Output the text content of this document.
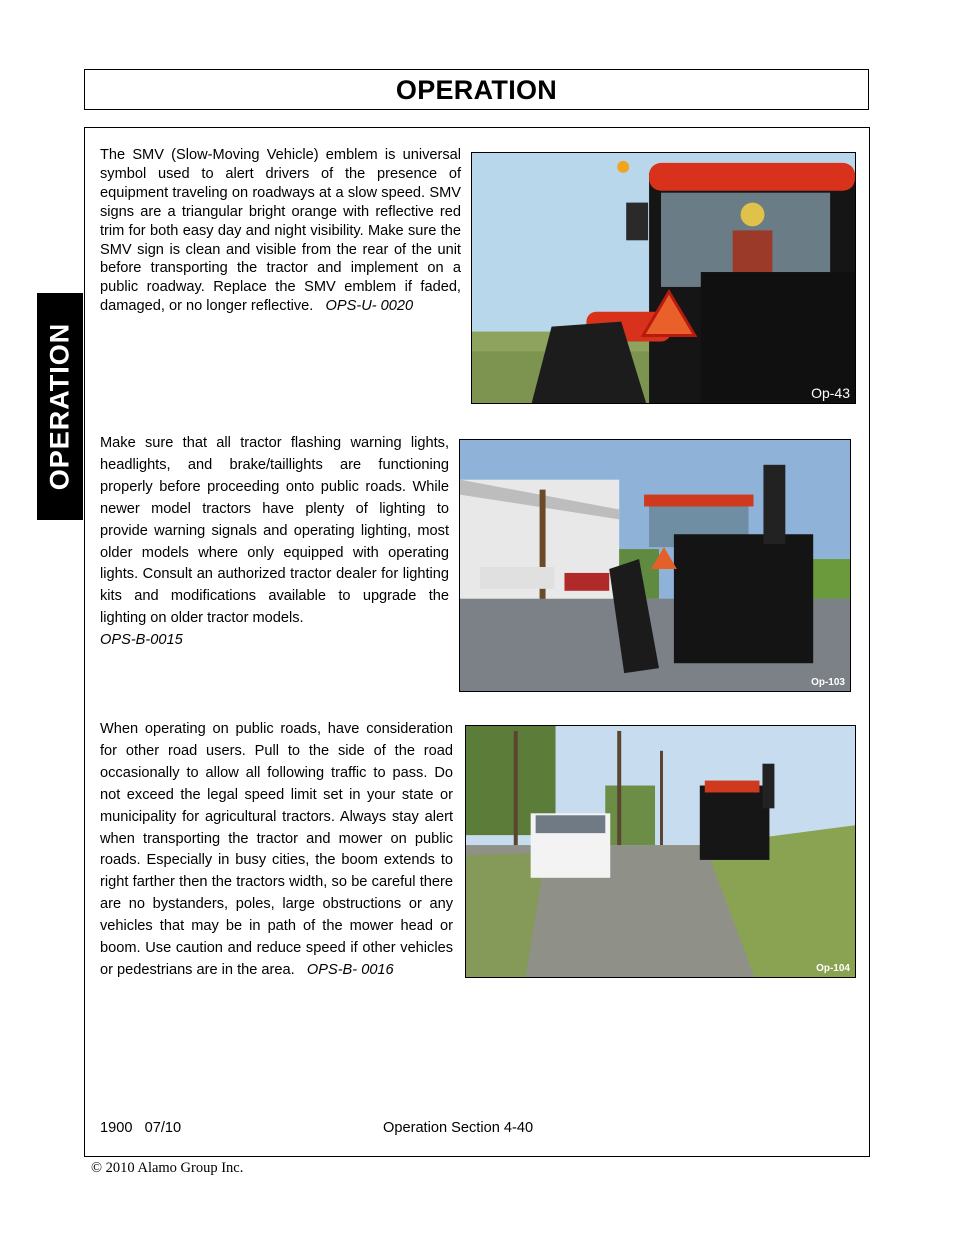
OPERATION
OPERATION
The SMV (Slow-Moving Vehicle) emblem is universal symbol used to alert drivers of the presence of equipment traveling on roadways at a slow speed. SMV signs are a triangular bright orange with reflective red trim for both easy day and night visibility. Make sure the SMV sign is clean and visible from the rear of the unit before transporting the tractor and implement on a public roadway. Replace the SMV emblem if faded, damaged, or no longer reflective. OPS-U- 0020
Op-43
Make sure that all tractor flashing warning lights, headlights, and brake/taillights are functioning properly before proceeding onto public roads. While newer model tractors have plenty of lighting to provide warning signals and operating lighting, most older models where only equipped with operating lights. Consult an authorized tractor dealer for lighting kits and modifications available to upgrade the lighting on older tractor models.
OPS-B-0015
Op-103
When operating on public roads, have consideration for other road users. Pull to the side of the road occasionally to allow all following traffic to pass. Do not exceed the legal speed limit set in your state or municipality for agricultural tractors. Always stay alert when transporting the tractor and mower on public roads. Especially in busy cities, the boom extends to right farther then the tractors width, so be careful there are no bystanders, poles, large obstructions or any vehicles that may be in path of the mower head or boom. Use caution and reduce speed if other vehicles or pedestrians are in the area. OPS-B- 0016	Op-104
1900   07/10	Operation Section 4-40
© 2010 Alamo Group Inc.
